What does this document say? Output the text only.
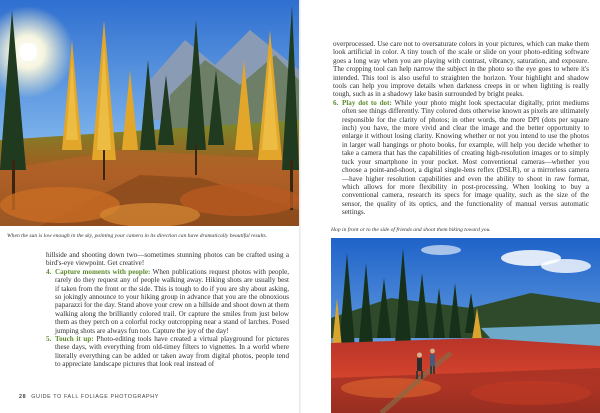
When the sun is low enough in the sky, pointing your camera in its direction can have dramatically beautiful results.

hillside and shooting down two—sometimes stunning photos can be crafted using a bird's-eye viewpoint. Get creative!

4. Capture moments with people: When publications request photos with people, rarely do they request any of people walking away. Hiking shots are usually best if taken from the front or the side. This is tough to do if you are shy about asking, so jokingly announce to your hiking group in advance that you are the obnoxious paparazzi for the day. Stand above your crew on a hillside and shoot down at them walking along the brilliantly colored trail. Or capture the smiles from just below them as they perch on a colorful rocky outcropping near a stand of larches. Posed jumping shots are always fun too. Capture the joy of the day!

5. Touch it up: Photo-editing tools have created a virtual playground for pictures these days, with everything from old-timey filters to vignettes. In a world where literally everything can be added or taken away from digital photos, people tend to appreciate landscape pictures that look real instead of

28 GUIDE TO FALL FOLIAGE PHOTOGRAPHY

overprocessed. Use care not to oversaturate colors in your pictures, which can make them look artificial in color. A tiny touch of the scale or slide on your photo-editing software goes a long way when you are playing with contrast, vibrancy, saturation, and exposure. The cropping tool can help narrow the subject in the photo so the eye goes to where it's intended. This tool is also useful to straighten the horizon. Your highlight and shadow tools can help you improve details when darkness creeps in or when lighting is really tough, such as in a shadowy lake basin surrounded by bright peaks.

6. Play dot to dot: While your photo might look spectacular digitally, print mediums often see things differently. Tiny colored dots otherwise known as pixels are ultimately responsible for the clarity of photos; in other words, the more DPI (dots per square inch) you have, the more vivid and clear the image and the better opportunity to enlarge it without losing clarity. Knowing whether or not you intend to use the photos in larger wall hangings or photo books, for example, will help you decide whether to take a camera that has the capabilities of creating high-resolution images or to simply tuck your smartphone in your pocket. Most conventional cameras—whether you choose a point-and-shoot, a digital single-lens reflex (DSLR), or a mirrorless camera—have higher resolution capabilities and even the ability to shoot in raw format, which allows for more flexibility in post-processing. When looking to buy a conventional camera, research its specs for image quality, such as the size of the sensor, the quality of its optics, and the functionality of manual versus automatic settings.

Hop in front or to the side of friends and shoot them hiking toward you.
